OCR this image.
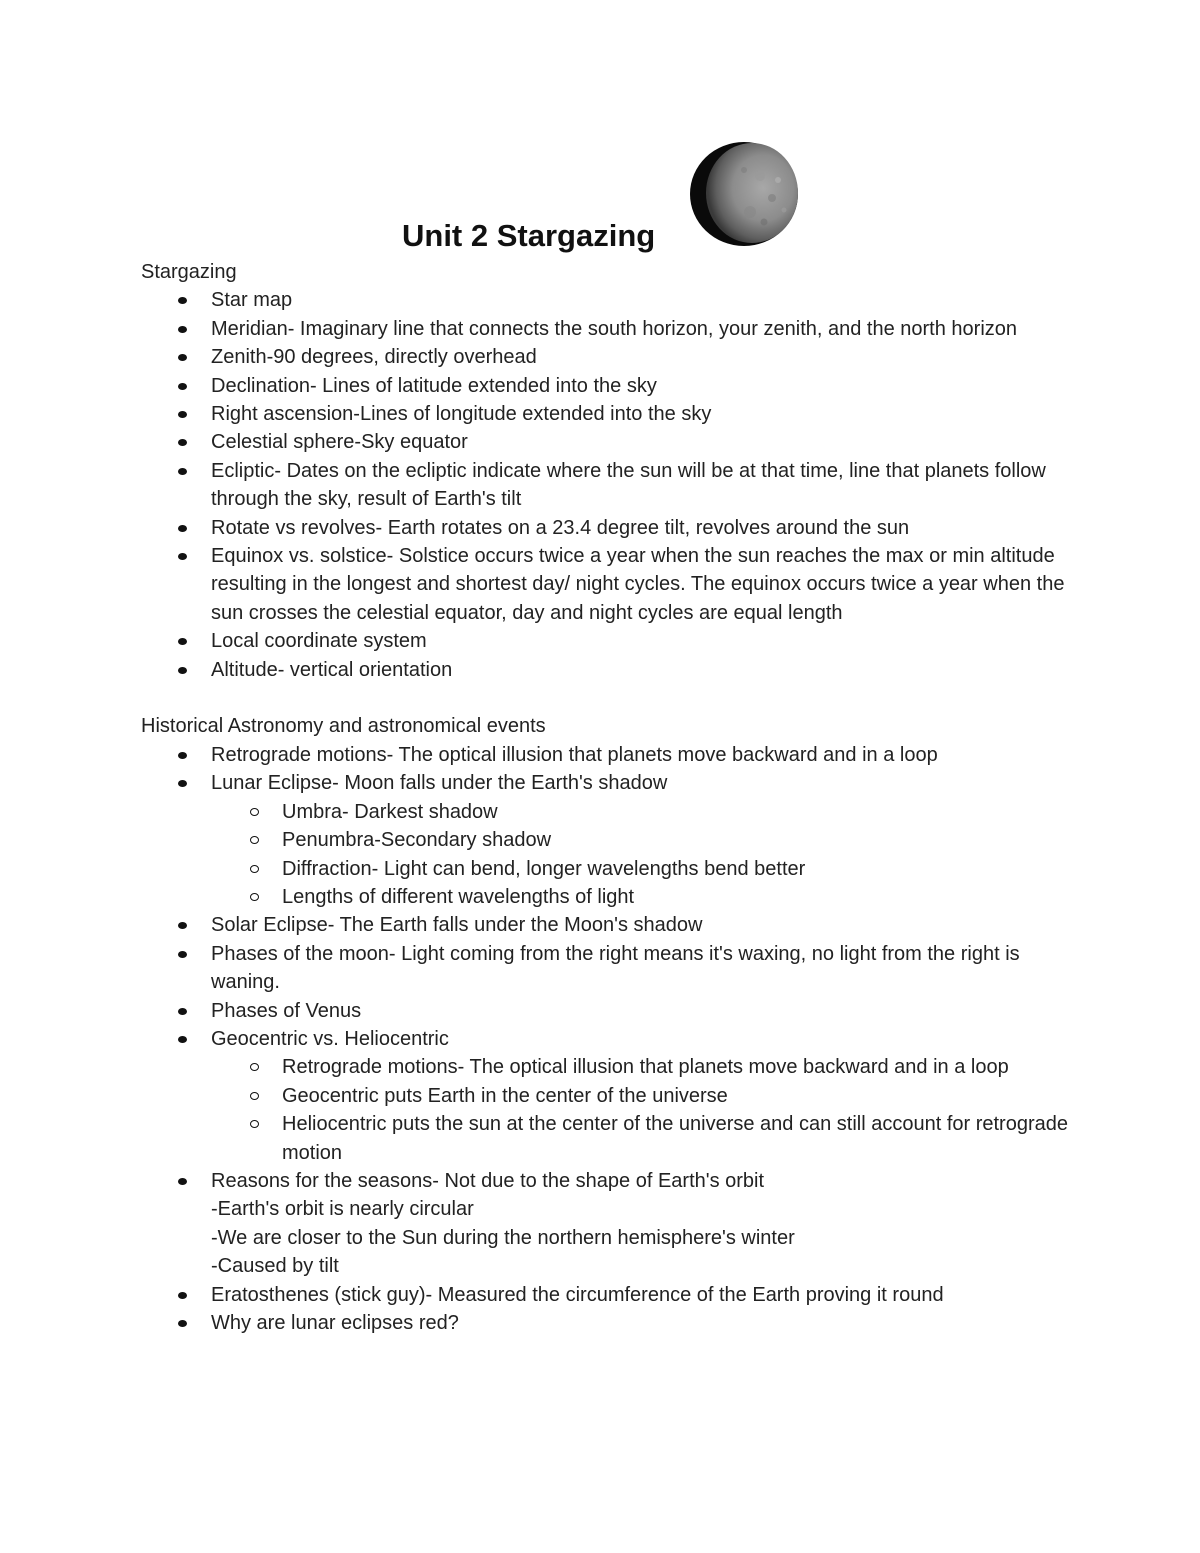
Unit 2 Stargazing
Stargazing
Star map
Meridian- Imaginary line that connects the south horizon, your zenith, and the north horizon
Zenith-90 degrees, directly overhead
Declination- Lines of latitude extended into the sky
Right ascension-Lines of longitude extended into the sky
Celestial sphere-Sky equator
Ecliptic- Dates on the ecliptic indicate where the sun will be at that time, line that planets follow through the sky, result of Earth's tilt
Rotate vs revolves- Earth rotates on a 23.4 degree tilt, revolves around the sun
Equinox vs. solstice- Solstice occurs twice a year when the sun reaches the max or min altitude resulting in the longest and shortest day/ night cycles. The equinox occurs twice a year when the sun crosses the celestial equator, day and night cycles are equal length
Local coordinate system
Altitude- vertical orientation
Historical Astronomy and astronomical events
Retrograde motions- The optical illusion that planets move backward and in a loop
Lunar Eclipse- Moon falls under the Earth's shadow
Umbra- Darkest shadow
Penumbra-Secondary shadow
Diffraction- Light can bend, longer wavelengths bend better
Lengths of different wavelengths of light
Solar Eclipse- The Earth falls under the Moon's shadow
Phases of the moon- Light coming from the right means it's waxing, no light from the right is waning.
Phases of Venus
Geocentric vs. Heliocentric
Retrograde motions- The optical illusion that planets move backward and in a loop
Geocentric puts Earth in the center of the universe
Heliocentric puts the sun at the center of the universe and can still account for retrograde motion
Reasons for the seasons- Not due to the shape of Earth's orbit
-Earth's orbit is nearly circular
-We are closer to the Sun during the northern hemisphere's winter
-Caused by tilt
Eratosthenes (stick guy)- Measured the circumference of the Earth proving it round
Why are lunar eclipses red?
